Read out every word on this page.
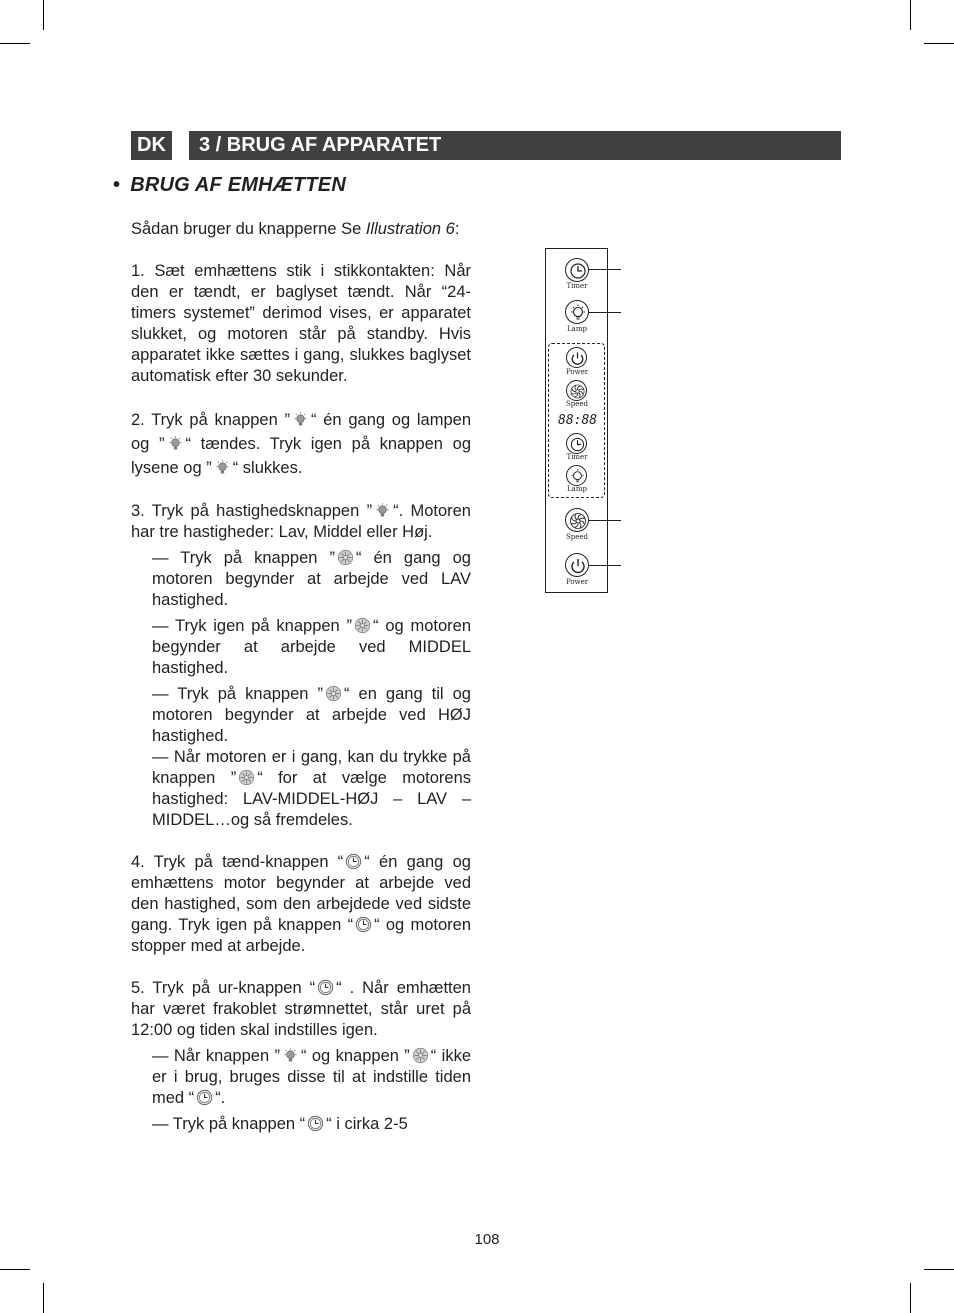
DK	3 / BRUG AF APPARATET
• BRUG AF EMHÆTTEN

Sådan bruger du knapperne Se Illustration 6:

1. Sæt emhættens stik i stikkontakten: Når den er tændt, er baglyset tændt. Når “24-timers systemet” derimod vises, er apparatet slukket, og motoren står på standby. Hvis apparatet ikke sættes i gang, slukkes baglyset automatisk efter 30 sekunder.

2. Tryk på knappen ” “ én gang og lampen og ” “ tændes. Tryk igen på knappen og lysene og ” “ slukkes.

3. Tryk på hastighedsknappen ” “. Motoren har tre hastigheder: Lav, Middel eller Høj.

— Tryk på knappen ” “ én gang og motoren begynder at arbejde ved LAV hastighed.

— Tryk igen på knappen ” “ og motoren begynder at arbejde ved MIDDEL hastighed.

— Tryk på knappen ” “ en gang til og motoren begynder at arbejde ved HØJ hastighed.

— Når motoren er i gang, kan du trykke på knappen ” “ for at vælge motorens hastighed: LAV-MIDDEL-HØJ – LAV – MIDDEL…og så fremdeles.

4. Tryk på tænd-knappen “ “ én gang og emhættens motor begynder at arbejde ved den hastighed, som den arbejdede ved sidste gang. Tryk igen på knappen “ “ og motoren stopper med at arbejde.

5. Tryk på ur-knappen “ “ . Når emhætten har været frakoblet strømnettet, står uret på 12:00 og tiden skal indstilles igen.

— Når knappen ” “ og knappen ” “ ikke er i brug, bruges disse til at indstille tiden med “ “.

— Tryk på knappen “ “ i cirka 2-5

Timer
Lamp
Power
Speed
88:88
Timer
Lamp
Speed
Power
108
